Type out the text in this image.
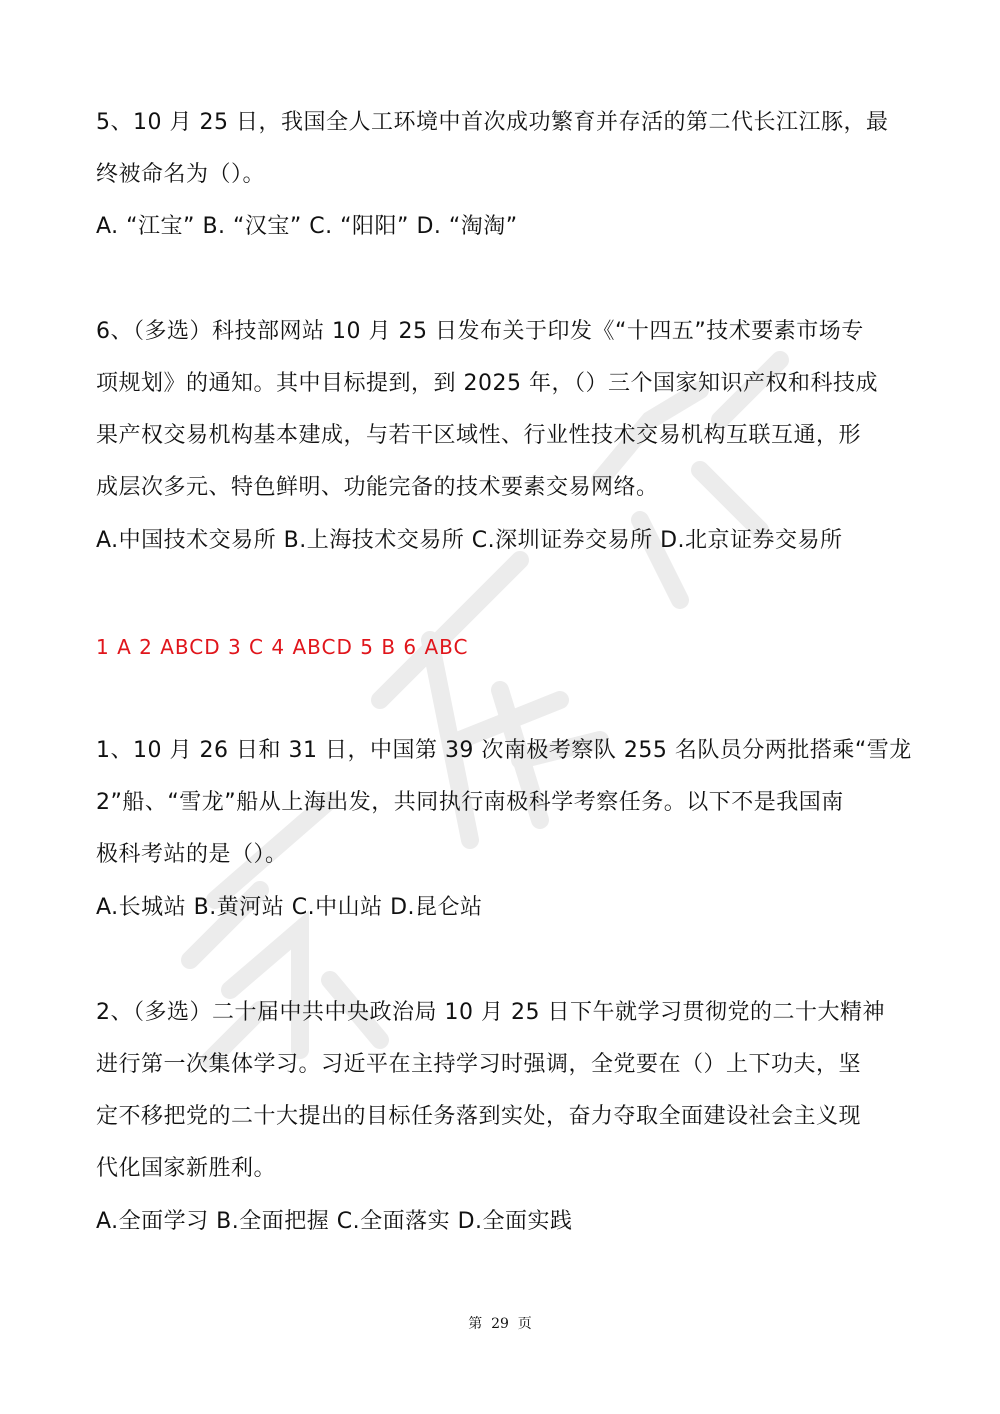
5、10 月 25 日，我国全人工环境中首次成功繁育并存活的第二代长江江豚，最
终被命名为（）。
A. “江宝” B. “汉宝” C. “阳阳” D. “淘淘”
6、（多选）科技部网站 10 月 25 日发布关于印发《“十四五”技术要素市场专
项规划》的通知。其中目标提到，到 2025 年，（）三个国家知识产权和科技成
果产权交易机构基本建成，与若干区域性、行业性技术交易机构互联互通，形
成层次多元、特色鲜明、功能完备的技术要素交易网络。
A.中国技术交易所 B.上海技术交易所 C.深圳证券交易所 D.北京证券交易所
1 A 2 ABCD 3 C 4 ABCD 5 B 6 ABC
1、10 月 26 日和 31 日，中国第 39 次南极考察队 255 名队员分两批搭乘“雪龙
2”船、“雪龙”船从上海出发，共同执行南极科学考察任务。以下不是我国南
极科考站的是（）。
A.长城站 B.黄河站 C.中山站 D.昆仑站
2、（多选）二十届中共中央政治局 10 月 25 日下午就学习贯彻党的二十大精神
进行第一次集体学习。习近平在主持学习时强调，全党要在（）上下功夫，坚
定不移把党的二十大提出的目标任务落到实处，奋力夺取全面建设社会主义现
代化国家新胜利。
A.全面学习 B.全面把握 C.全面落实 D.全面实践
第  29  页
